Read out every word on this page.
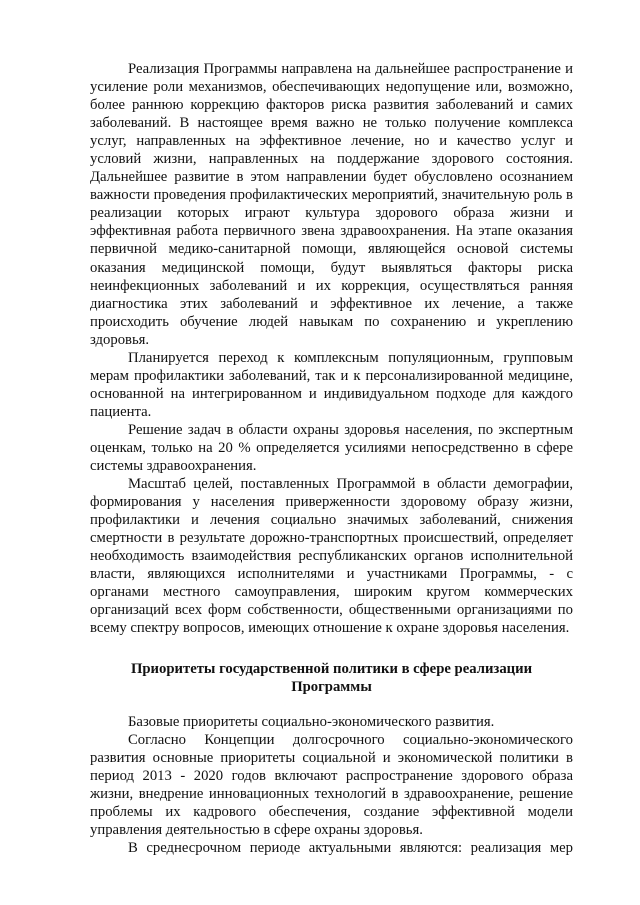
Реализация Программы направлена на дальнейшее распространение и усиление роли механизмов, обеспечивающих недопущение или, возможно, более раннюю коррекцию факторов риска развития заболеваний и самих заболеваний. В настоящее время важно не только получение комплекса услуг, направленных на эффективное лечение, но и качество услуг и условий жизни, направленных на поддержание здорового состояния. Дальнейшее развитие в этом направлении будет обусловлено осознанием важности проведения профилактических мероприятий, значительную роль в реализации которых играют культура здорового образа жизни и эффективная работа первичного звена здравоохранения. На этапе оказания первичной медико-санитарной помощи, являющейся основой системы оказания медицинской помощи, будут выявляться факторы риска неинфекционных заболеваний и их коррекция, осуществляться ранняя диагностика этих заболеваний и эффективное их лечение, а также происходить обучение людей навыкам по сохранению и укреплению здоровья.

Планируется переход к комплексным популяционным, групповым мерам профилактики заболеваний, так и к персонализированной медицине, основанной на интегрированном и индивидуальном подходе для каждого пациента.

Решение задач в области охраны здоровья населения, по экспертным оценкам, только на 20 % определяется усилиями непосредственно в сфере системы здравоохранения.

Масштаб целей, поставленных Программой в области демографии, формирования у населения приверженности здоровому образу жизни, профилактики и лечения социально значимых заболеваний, снижения смертности в результате дорожно-транспортных происшествий, определяет необходимость взаимодействия республиканских органов исполнительной власти, являющихся исполнителями и участниками Программы, - с органами местного самоуправления, широким кругом коммерческих организаций всех форм собственности, общественными организациями по всему спектру вопросов, имеющих отношение к охране здоровья населения.

Приоритеты государственной политики в сфере реализации Программы

Базовые приоритеты социально-экономического развития.

Согласно Концепции долгосрочного социально-экономического развития основные приоритеты социальной и экономической политики в период 2013 - 2020 годов включают распространение здорового образа жизни, внедрение инновационных технологий в здравоохранение, решение проблемы их кадрового обеспечения, создание эффективной модели управления деятельностью в сфере охраны здоровья.

В среднесрочном периоде актуальными являются: реализация мер
